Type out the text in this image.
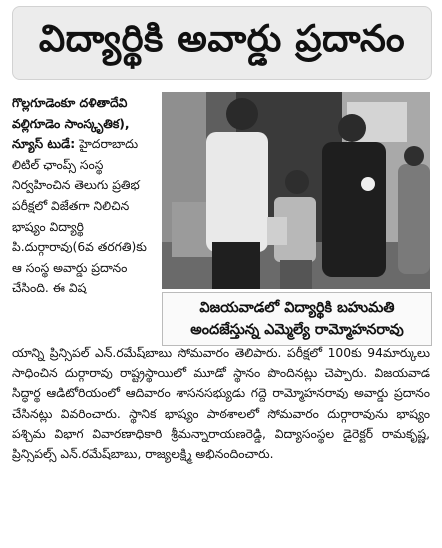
విద్యార్థికి అవార్డు ప్రదానం

గొల్లగూడెంకూ దళితాదేవి వల్లిగూడెం సాంస్కృతిక), న్యూస్ టుడే: హైదరాబాదు లిటిల్ ఛాంప్స్ సంస్థ నిర్వహించిన తెలుగు ప్రతిభ పరీక్షలో విజేతగా నిలిచిన భాష్యం విద్యార్థి పి.దుర్గారావు(6వ తరగతి)కు ఆ సంస్థ అవార్డు ప్రదానం చేసింది. ఈ విష

విజయవాడలో విద్యార్థికి బహుమతి
అందజేస్తున్న ఎమ్మెల్యే రామ్మోహనరావు

యాన్ని ప్రిన్సిపల్ ఎన్.రమేష్‌బాబు సోమవారం తెలిపారు. పరీక్షలో 100కు 94మార్కులు సాధించిన దుర్గారావు రాష్ట్రస్థాయిలో మూడో స్థానం పొందినట్లు చెప్పారు. విజయవాడ సిద్ధార్థ ఆడిటోరియంలో ఆదివారం శాసనసభ్యుడు గద్దె రామ్మోహనరావు అవార్డు ప్రదానం చేసినట్లు వివరించారు. స్థానిక భాష్యం పాఠశాలలో సోమవారం దుర్గారావును భాష్యం పశ్చిమ విభాగ వివారణాధికారి శ్రీమన్నారాయణరెడ్డి, విద్యాసంస్థల డైరెక్టర్ రామకృష్ణ, ప్రిన్సిపల్స్ ఎన్.రమేష్‌బాబు, రాజ్యలక్ష్మి అభినందించారు.
